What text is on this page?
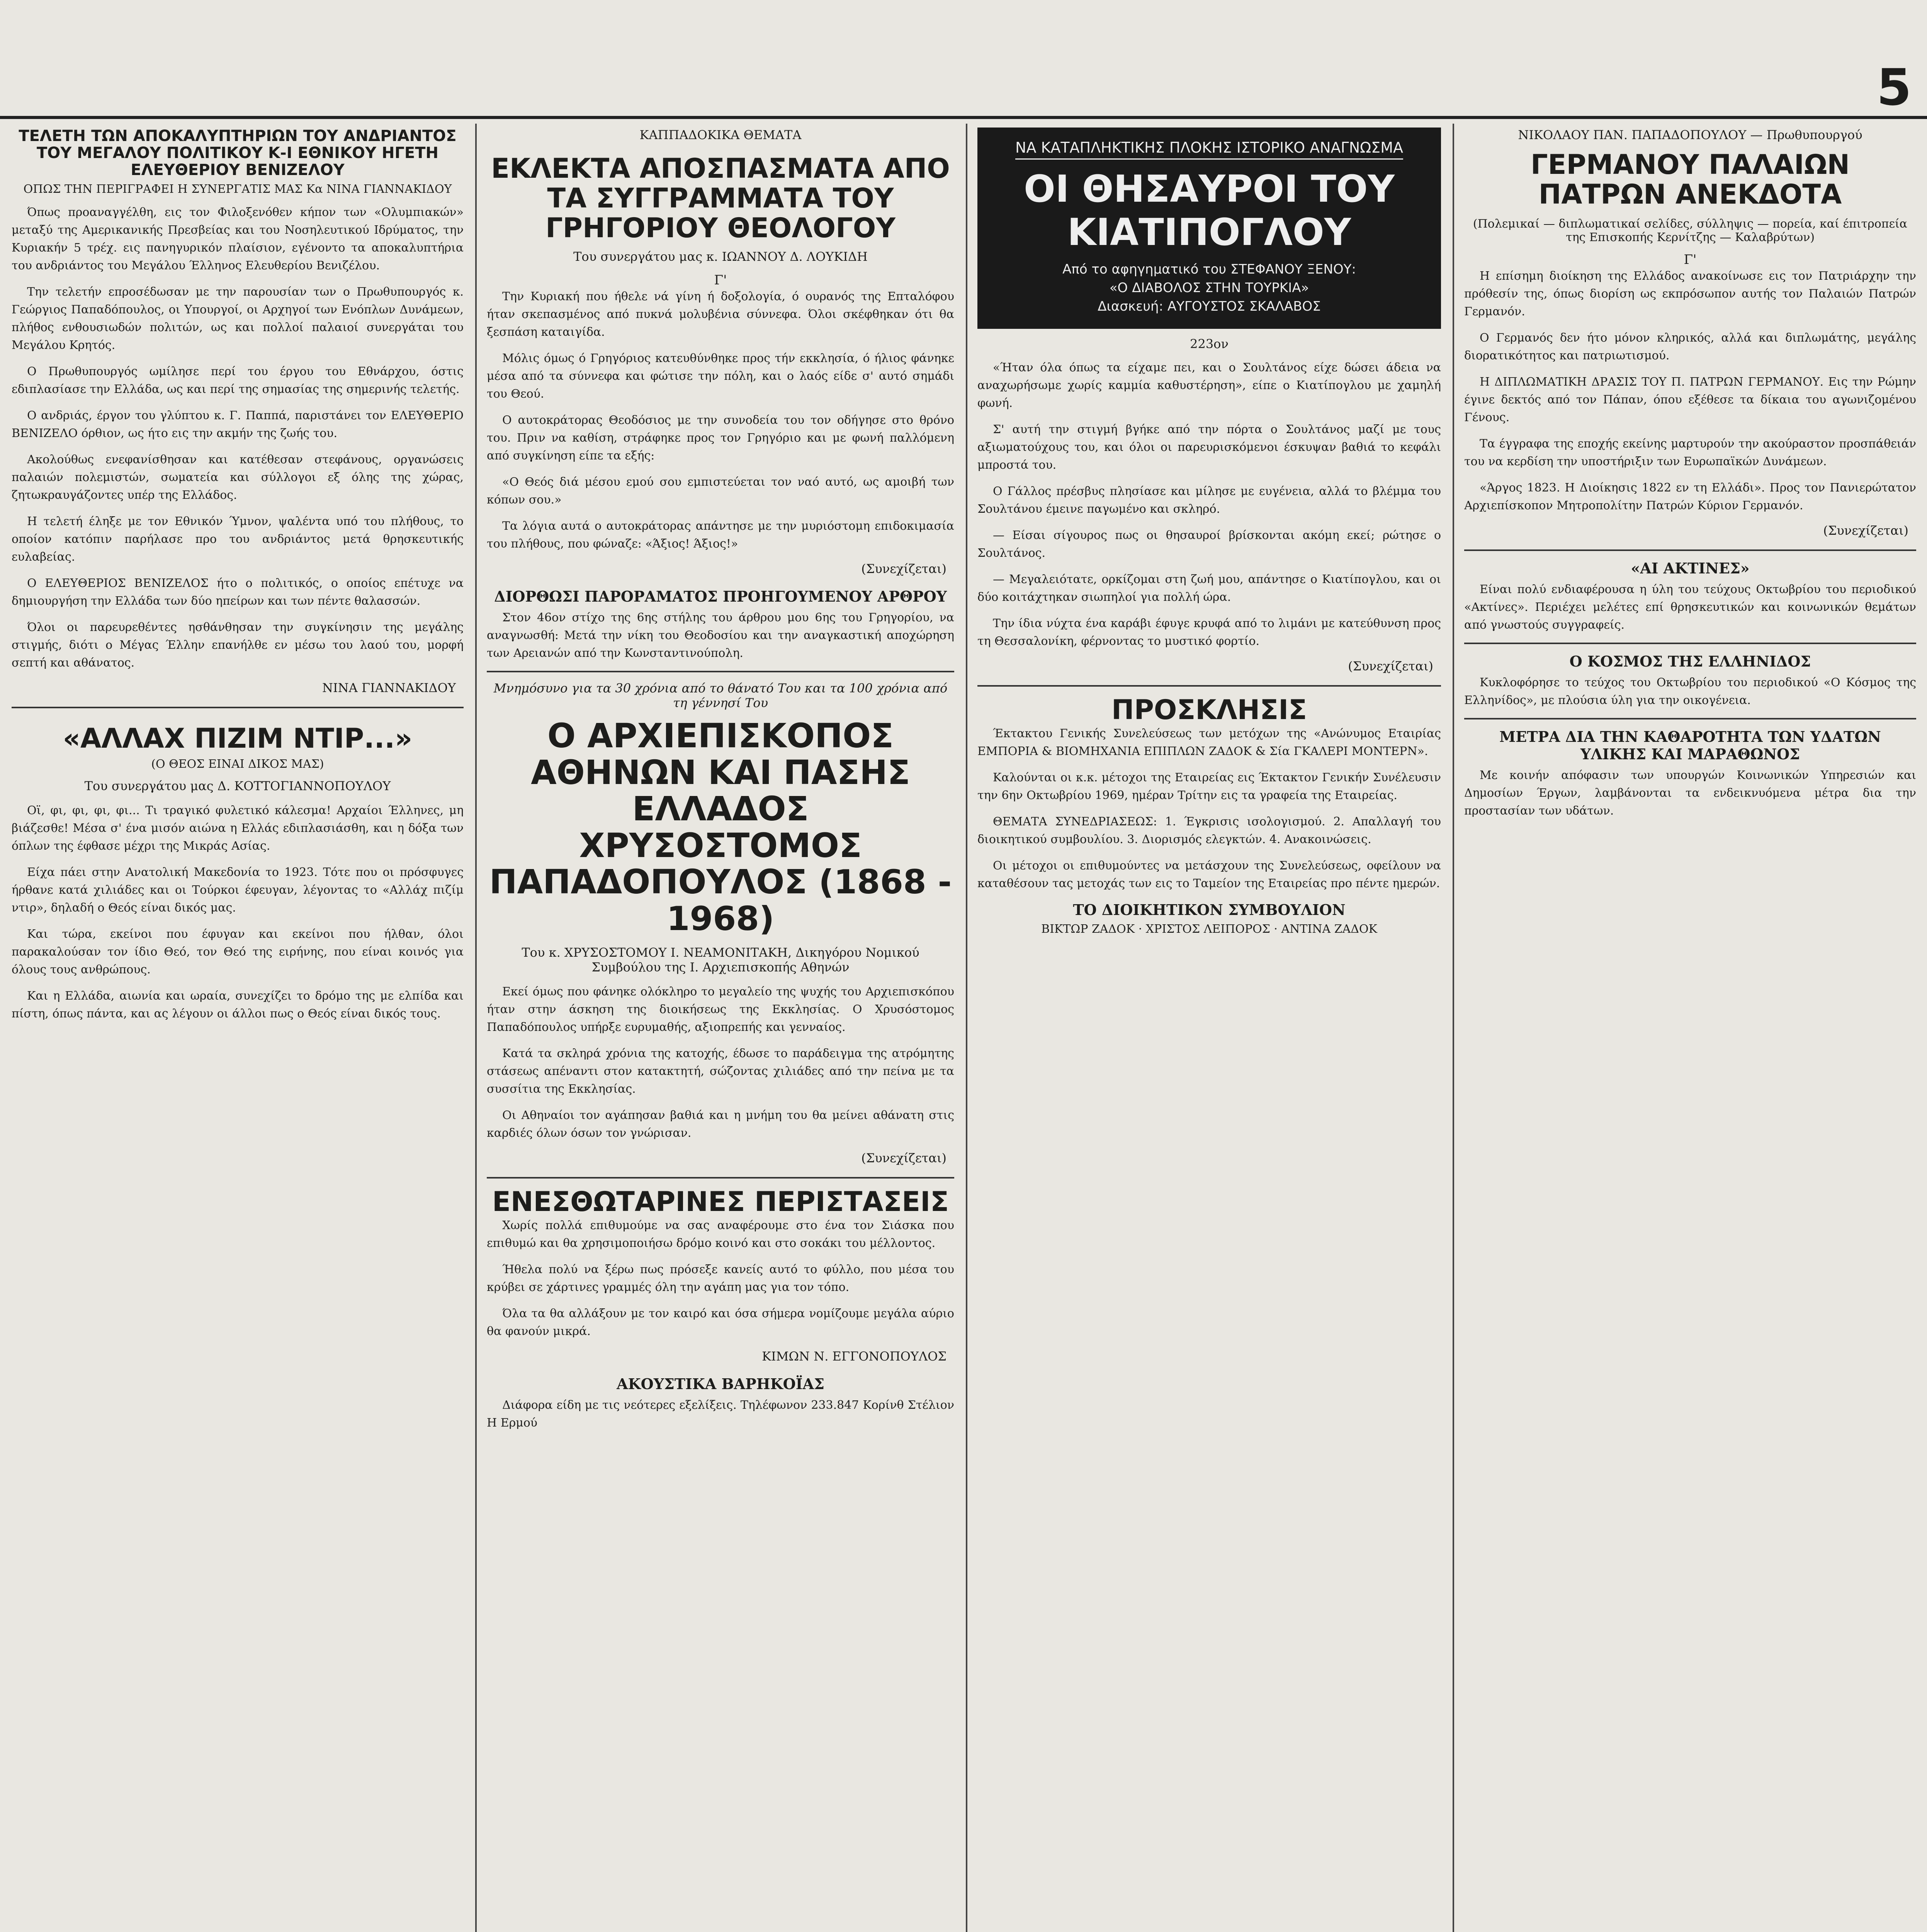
5
ΤΕΛΕΤΗ ΤΩΝ ΑΠΟΚΑΛΥΠΤΗΡΙΩΝ ΤΟΥ ΑΝΔΡΙΑΝΤΟΣ ΤΟΥ ΜΕΓΑΛΟΥ ΠΟΛΙΤΙΚΟΥ Κ-Ι ΕΘΝΙΚΟΥ ΗΓΕΤΗ ΕΛΕΥΘΕΡΙΟΥ ΒΕΝΙΖΕΛΟΥ
ΟΠΩΣ ΤΗΝ ΠΕΡΙΓΡΑΦΕΙ Η ΣΥΝΕΡΓΑΤΙΣ ΜΑΣ Κα ΝΙΝΑ ΓΙΑΝΝΑΚΙΔΟΥ

Όπως προαναγγέλθη, εις τον Φιλοξενόθεν κήπον των «Ολυμπιακών» μεταξύ της Αμερικανικής Πρεσβείας και του Νοσηλευτικού Ιδρύματος, την Κυριακήν 5 τρέχ. εις πανηγυρικόν πλαίσιον, εγένοντο τα αποκαλυπτήρια του ανδριάντος του Μεγάλου Έλληνος Ελευθερίου Βενιζέλου.

Την τελετήν επροσέδωσαν με την παρουσίαν των ο Πρωθυπουργός κ. Γεώργιος Παπαδόπουλος, οι Υπουργοί, οι Αρχηγοί των Ενόπλων Δυνάμεων, πλήθος ενθουσιωδών πολιτών, ως και πολλοί παλαιοί συνεργάται του Μεγάλου Κρητός.

Ο Πρωθυπουργός ωμίλησε περί του έργου του Εθνάρχου, όστις εδιπλασίασε την Ελλάδα, ως και περί της σημασίας της σημερινής τελετής.

Ο ανδριάς, έργον του γλύπτου κ. Γ. Παππά, παριστάνει τον ΕΛΕΥΘΕΡΙΟ ΒΕΝΙΖΕΛΟ όρθιον, ως ήτο εις την ακμήν της ζωής του.

Ακολούθως ενεφανίσθησαν και κατέθεσαν στεφάνους, οργανώσεις παλαιών πολεμιστών, σωματεία και σύλλογοι εξ όλης της χώρας, ζητωκραυγάζοντες υπέρ της Ελλάδος.

Η τελετή έληξε με τον Εθνικόν Ύμνον, ψαλέντα υπό του πλήθους, το οποίον κατόπιν παρήλασε προ του ανδριάντος μετά θρησκευτικής ευλαβείας.

Ο ΕΛΕΥΘΕΡΙΟΣ ΒΕΝΙΖΕΛΟΣ ήτο ο πολιτικός, ο οποίος επέτυχε να δημιουργήση την Ελλάδα των δύο ηπείρων και των πέντε θαλασσών.

Όλοι οι παρευρεθέντες ησθάνθησαν την συγκίνησιν της μεγάλης στιγμής, διότι ο Μέγας Έλλην επανήλθε εν μέσω του λαού του, μορφή σεπτή και αθάνατος.

ΝΙΝΑ ΓΙΑΝΝΑΚΙΔΟΥ
«ΑΛΛΑΧ ΠΙΖΙΜ ΝΤΙΡ...»
(Ο ΘΕΟΣ ΕΙΝΑΙ ΔΙΚΟΣ ΜΑΣ)
Του συνεργάτου μας Δ. ΚΟΤΤΟΓΙΑΝΝΟΠΟΥΛΟΥ

Οϊ, φι, φι, φι, φι... Τι τραγικό φυλετικό κάλεσμα! Αρχαίοι Έλληνες, μη βιάζεσθε! Μέσα σ' ένα μισόν αιώνα η Ελλάς εδιπλασιάσθη, και η δόξα των όπλων της έφθασε μέχρι της Μικράς Ασίας.

Είχα πάει στην Ανατολική Μακεδονία το 1923. Τότε που οι πρόσφυγες ήρθανε κατά χιλιάδες και οι Τούρκοι έφευγαν, λέγοντας το «Αλλάχ πιζίμ ντιρ», δηλαδή ο Θεός είναι δικός μας.

Και τώρα, εκείνοι που έφυγαν και εκείνοι που ήλθαν, όλοι παρακαλούσαν τον ίδιο Θεό, τον Θεό της ειρήνης, που είναι κοινός για όλους τους ανθρώπους.

Και η Ελλάδα, αιωνία και ωραία, συνεχίζει το δρόμο της με ελπίδα και πίστη, όπως πάντα, και ας λέγουν οι άλλοι πως ο Θεός είναι δικός τους.

ΚΑΠΠΑΔΟΚΙΚΑ ΘΕΜΑΤΑ
ΕΚΛΕΚΤΑ ΑΠΟΣΠΑΣΜΑΤΑ ΑΠΟ ΤΑ ΣΥΓΓΡΑΜΜΑΤΑ ΤΟΥ ΓΡΗΓΟΡΙΟΥ ΘΕΟΛΟΓΟΥ
Του συνεργάτου μας κ. ΙΩΑΝΝΟΥ Δ. ΛΟΥΚΙΔΗ
Γ'

Την Κυριακή που ήθελε νά γίνη ή δοξολογία, ό ουρανός της Επταλόφου ήταν σκεπασμένος από πυκνά μολυβένια σύννεφα. Όλοι σκέφθηκαν ότι θα ξεσπάση καταιγίδα.

Μόλις όμως ό Γρηγόριος κατευθύνθηκε προς τήν εκκλησία, ό ήλιος φάνηκε μέσα από τα σύννεφα και φώτισε την πόλη, και ο λαός είδε σ' αυτό σημάδι του Θεού.

Ο αυτοκράτορας Θεοδόσιος με την συνοδεία του τον οδήγησε στο θρόνο του. Πριν να καθίση, στράφηκε προς τον Γρηγόριο και με φωνή παλλόμενη από συγκίνηση είπε τα εξής:

«Ο Θεός διά μέσου εμού σου εμπιστεύεται τον ναό αυτό, ως αμοιβή των κόπων σου.»

Τα λόγια αυτά ο αυτοκράτορας απάντησε με την μυριόστομη επιδοκιμασία του πλήθους, που φώναζε: «Άξιος! Άξιος!»

(Συνεχίζεται)
ΔΙΟΡΘΩΣΙ ΠΑΡΟΡΑΜΑΤΟΣ ΠΡΟΗΓΟΥΜΕΝΟΥ ΑΡΘΡΟΥ

Στον 46ον στίχο της 6ης στήλης του άρθρου μου 6ης του Γρηγορίου, να αναγνωσθή: Μετά την νίκη του Θεοδοσίου και την αναγκαστική αποχώρηση των Αρειανών από την Κωνσταντινούπολη.

Μνημόσυνο για τα 30 χρόνια από το θάνατό Του και τα 100 χρόνια από τη γέννησί Του
Ο ΑΡΧΙΕΠΙΣΚΟΠΟΣ ΑΘΗΝΩΝ ΚΑΙ ΠΑΣΗΣ ΕΛΛΑΔΟΣ ΧΡΥΣΟΣΤΟΜΟΣ ΠΑΠΑΔΟΠΟΥΛΟΣ (1868 - 1968)
Του κ. ΧΡΥΣΟΣΤΟΜΟΥ Ι. ΝΕΑΜΟΝΙΤΑΚΗ, Δικηγόρου Νομικού Συμβούλου της Ι. Αρχιεπισκοπής Αθηνών

Εκεί όμως που φάνηκε ολόκληρο το μεγαλείο της ψυχής του Αρχιεπισκόπου ήταν στην άσκηση της διοικήσεως της Εκκλησίας. Ο Χρυσόστομος Παπαδόπουλος υπήρξε ευρυμαθής, αξιοπρεπής και γενναίος.

Κατά τα σκληρά χρόνια της κατοχής, έδωσε το παράδειγμα της ατρόμητης στάσεως απέναντι στον κατακτητή, σώζοντας χιλιάδες από την πείνα με τα συσσίτια της Εκκλησίας.

Οι Αθηναίοι τον αγάπησαν βαθιά και η μνήμη του θα μείνει αθάνατη στις καρδιές όλων όσων τον γνώρισαν.

(Συνεχίζεται)
ΕΝΕΣΘΩΤΑΡΙΝΕΣ ΠΕΡΙΣΤΑΣΕΙΣ

Χωρίς πολλά επιθυμούμε να σας αναφέρουμε στο ένα τον Σιάσκα που επιθυμώ και θα χρησιμοποιήσω δρόμο κοινό και στο σοκάκι του μέλλοντος.

Ήθελα πολύ να ξέρω πως πρόσεξε κανείς αυτό το φύλλο, που μέσα του κρύβει σε χάρτινες γραμμές όλη την αγάπη μας για τον τόπο.

Όλα τα θα αλλάξουν με τον καιρό και όσα σήμερα νομίζουμε μεγάλα αύριο θα φανούν μικρά.

ΚΙΜΩΝ Ν. ΕΓΓΟΝΟΠΟΥΛΟΣ
ΑΚΟΥΣΤΙΚΑ ΒΑΡΗΚΟΪΑΣ

Διάφορα είδη με τις νεότερες εξελίξεις. Τηλέφωνον 233.847 Κορίνθ Στέλιον Η Ερμού

ΝΑ ΚΑΤΑΠΛΗΚΤΙΚΗΣ ΠΛΟΚΗΣ ΙΣΤΟΡΙΚΟ ΑΝΑΓΝΩΣΜΑ
ΟΙ ΘΗΣΑΥΡΟΙ ΤΟΥ ΚΙΑΤΙΠΟΓΛΟΥ
Από το αφηγηματικό του ΣΤΕΦΑΝΟΥ ΞΕΝΟΥ:
«Ο ΔΙΑΒΟΛΟΣ ΣΤΗΝ ΤΟΥΡΚΙΑ»
Διασκευή: ΑΥΓΟΥΣΤΟΣ ΣΚΑΛΑΒΟΣ
223ον

«Ήταν όλα όπως τα είχαμε πει, και ο Σουλτάνος είχε δώσει άδεια να αναχωρήσωμε χωρίς καμμία καθυστέρηση», είπε ο Κιατίπογλου με χαμηλή φωνή.

Σ' αυτή την στιγμή βγήκε από την πόρτα ο Σουλτάνος μαζί με τους αξιωματούχους του, και όλοι οι παρευρισκόμενοι έσκυψαν βαθιά το κεφάλι μπροστά του.

Ο Γάλλος πρέσβυς πλησίασε και μίλησε με ευγένεια, αλλά το βλέμμα του Σουλτάνου έμεινε παγωμένο και σκληρό.

— Είσαι σίγουρος πως οι θησαυροί βρίσκονται ακόμη εκεί; ρώτησε ο Σουλτάνος.

— Μεγαλειότατε, ορκίζομαι στη ζωή μου, απάντησε ο Κιατίπογλου, και οι δύο κοιτάχτηκαν σιωπηλοί για πολλή ώρα.

Την ίδια νύχτα ένα καράβι έφυγε κρυφά από το λιμάνι με κατεύθυνση προς τη Θεσσαλονίκη, φέρνοντας το μυστικό φορτίο.

(Συνεχίζεται)
ΠΡΟΣΚΛΗΣΙΣ

Έκτακτου Γενικής Συνελεύσεως των μετόχων της «Ανώνυμος Εταιρίας ΕΜΠΟΡΙΑ & ΒΙΟΜΗΧΑΝΙΑ ΕΠΙΠΛΩΝ ΖΑΔΟΚ & Σία ΓΚΑΛΕΡΙ ΜΟΝΤΕΡΝ».

Καλούνται οι κ.κ. μέτοχοι της Εταιρείας εις Έκτακτον Γενικήν Συνέλευσιν την 6ην Οκτωβρίου 1969, ημέραν Τρίτην εις τα γραφεία της Εταιρείας.

ΘΕΜΑΤΑ ΣΥΝΕΔΡΙΑΣΕΩΣ: 1. Έγκρισις ισολογισμού. 2. Απαλλαγή του διοικητικού συμβουλίου. 3. Διορισμός ελεγκτών. 4. Ανακοινώσεις.

Οι μέτοχοι οι επιθυμούντες να μετάσχουν της Συνελεύσεως, οφείλουν να καταθέσουν τας μετοχάς των εις το Ταμείον της Εταιρείας προ πέντε ημερών.

ΤΟ ΔΙΟΙΚΗΤΙΚΟΝ ΣΥΜΒΟΥΛΙΟΝ
ΒΙΚΤΩΡ ΖΑΔΟΚ · ΧΡΙΣΤΟΣ ΛΕΙΠΟΡΟΣ · ΑΝΤΙΝΑ ΖΑΔΟΚ
ΝΙΚΟΛΑΟΥ ΠΑΝ. ΠΑΠΑΔΟΠΟΥΛΟΥ — Πρωθυπουργού
ΓΕΡΜΑΝΟΥ ΠΑΛΑΙΩΝ ΠΑΤΡΩΝ ΑΝΕΚΔΟΤΑ
(Πολεμικαί — διπλωματικαί σελίδες, σύλληψις — πορεία, καί έπιτροπεία της Επισκοπής Κερνίτζης — Καλαβρύτων)
Γ'

Η επίσημη διοίκηση της Ελλάδος ανακοίνωσε εις τον Πατριάρχην την πρόθεσίν της, όπως διορίση ως εκπρόσωπον αυτής τον Παλαιών Πατρών Γερμανόν.

Ο Γερμανός δεν ήτο μόνον κληρικός, αλλά και διπλωμάτης, μεγάλης διορατικότητος και πατριωτισμού.

Η ΔΙΠΛΩΜΑΤΙΚΗ ΔΡΑΣΙΣ ΤΟΥ Π. ΠΑΤΡΩΝ ΓΕΡΜΑΝΟΥ. Εις την Ρώμην έγινε δεκτός από τον Πάπαν, όπου εξέθεσε τα δίκαια του αγωνιζομένου Γένους.

Τα έγγραφα της εποχής εκείνης μαρτυρούν την ακούραστον προσπάθειάν του να κερδίση την υποστήριξιν των Ευρωπαϊκών Δυνάμεων.

«Άργος 1823. Η Διοίκησις 1822 εν τη Ελλάδι». Προς τον Πανιερώτατον Αρχιεπίσκοπον Μητροπολίτην Πατρών Κύριον Γερμανόν.

(Συνεχίζεται)
«ΑΙ ΑΚΤΙΝΕΣ»

Είναι πολύ ενδιαφέρουσα η ύλη του τεύχους Οκτωβρίου του περιοδικού «Ακτίνες». Περιέχει μελέτες επί θρησκευτικών και κοινωνικών θεμάτων από γνωστούς συγγραφείς.

Ο ΚΟΣΜΟΣ ΤΗΣ ΕΛΛΗΝΙΔΟΣ

Κυκλοφόρησε το τεύχος του Οκτωβρίου του περιοδικού «Ο Κόσμος της Ελληνίδος», με πλούσια ύλη για την οικογένεια.

ΜΕΤΡΑ ΔΙΑ ΤΗΝ ΚΑΘΑΡΟΤΗΤΑ ΤΩΝ ΥΔΑΤΩΝ ΥΛΙΚΗΣ ΚΑΙ ΜΑΡΑΘΩΝΟΣ

Με κοινήν απόφασιν των υπουργών Κοινωνικών Υπηρεσιών και Δημοσίων Έργων, λαμβάνονται τα ενδεικνυόμενα μέτρα δια την προστασίαν των υδάτων.
